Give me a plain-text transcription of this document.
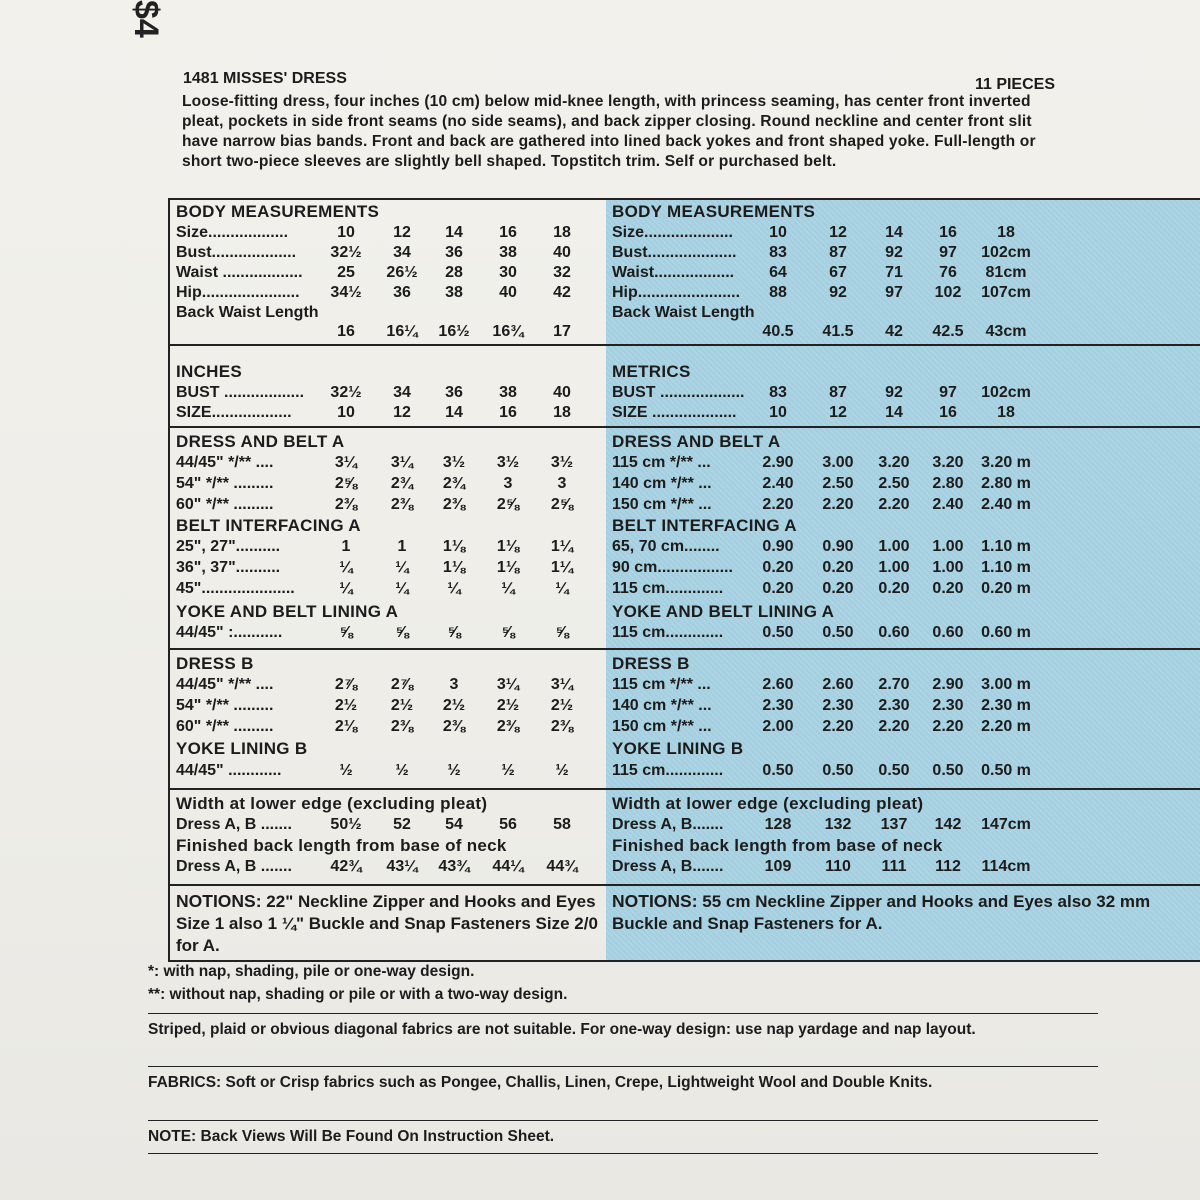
$4
1481 MISSES' DRESS	11 PIECES
Loose-fitting dress, four inches (10 cm) below mid-knee length, with princess seaming, has center front inverted pleat, pockets in side front seams (no side seams), and back zipper closing. Round neckline and center front slit have narrow bias bands. Front and back are gathered into lined back yokes and front shaped yoke. Full-length or short two-piece sleeves are slightly bell shaped. Topstitch trim. Self or purchased belt.
BODY MEASUREMENTS
Size..................	10	12	14	16	18
Bust...................	32½	34	36	38	40
Waist ..................	25	26½	28	30	32
Hip......................	34½	36	38	40	42
Back Waist Length
16	16¼	16½	16¾	17
INCHES
BUST ..................	32½	34	36	38	40
SIZE..................	10	12	14	16	18
DRESS AND BELT A
44/45" */** ....	3¼	3¼	3½	3½	3½
54" */** .........	2⅝	2¾	2¾	3	3
60" */** .........	2⅜	2⅜	2⅜	2⅝	2⅝
BELT INTERFACING A
25", 27"..........	1	1	1⅛	1⅛	1¼
36", 37"..........	¼	¼	1⅛	1⅛	1¼
45".....................	¼	¼	¼	¼	¼
YOKE AND BELT LINING A
44/45" :...........	⅝	⅝	⅝	⅝	⅝
DRESS B
44/45" */** ....	2⅞	2⅞	3	3¼	3¼
54" */** .........	2½	2½	2½	2½	2½
60" */** .........	2⅛	2⅜	2⅜	2⅜	2⅜
YOKE LINING B
44/45" ............	½	½	½	½	½
Width at lower edge (excluding pleat)
Dress A, B .......	50½	52	54	56	58
Finished back length from base of neck
Dress A, B .......	42¾	43¼	43¾	44¼	44¾
NOTIONS: 22" Neckline Zipper and Hooks and Eyes Size 1 also 1 ¼" Buckle and Snap Fasteners Size 2/0 for A.
BODY MEASUREMENTS
Size....................	10	12	14	16	18
Bust....................	83	87	92	97	102cm
Waist..................	64	67	71	76	81cm
Hip.......................	88	92	97	102	107cm
Back Waist Length
40.5	41.5	42	42.5	43cm
METRICS
BUST ...................	83	87	92	97	102cm
SIZE ...................	10	12	14	16	18
DRESS AND BELT A
115 cm */** ...	2.90	3.00	3.20	3.20	3.20 m
140 cm */** ...	2.40	2.50	2.50	2.80	2.80 m
150 cm */** ...	2.20	2.20	2.20	2.40	2.40 m
BELT INTERFACING A
65, 70 cm........	0.90	0.90	1.00	1.00	1.10 m
90 cm.................	0.20	0.20	1.00	1.00	1.10 m
115 cm.............	0.20	0.20	0.20	0.20	0.20 m
YOKE AND BELT LINING A
115 cm.............	0.50	0.50	0.60	0.60	0.60 m
DRESS B
115 cm */** ...	2.60	2.60	2.70	2.90	3.00 m
140 cm */** ...	2.30	2.30	2.30	2.30	2.30 m
150 cm */** ...	2.00	2.20	2.20	2.20	2.20 m
YOKE LINING B
115 cm.............	0.50	0.50	0.50	0.50	0.50 m
Width at lower edge (excluding pleat)
Dress A, B.......	128	132	137	142	147cm
Finished back length from base of neck
Dress A, B.......	109	110	111	112	114cm
NOTIONS: 55 cm Neckline Zipper and Hooks and Eyes also 32 mm Buckle and Snap Fasteners for A.
*: with nap, shading, pile or one-way design.
**: without nap, shading or pile or with a two-way design.
Striped, plaid or obvious diagonal fabrics are not suitable. For one-way design: use nap yardage and nap layout.
FABRICS: Soft or Crisp fabrics such as Pongee, Challis, Linen, Crepe, Lightweight Wool and Double Knits.
NOTE: Back Views Will Be Found On Instruction Sheet.
